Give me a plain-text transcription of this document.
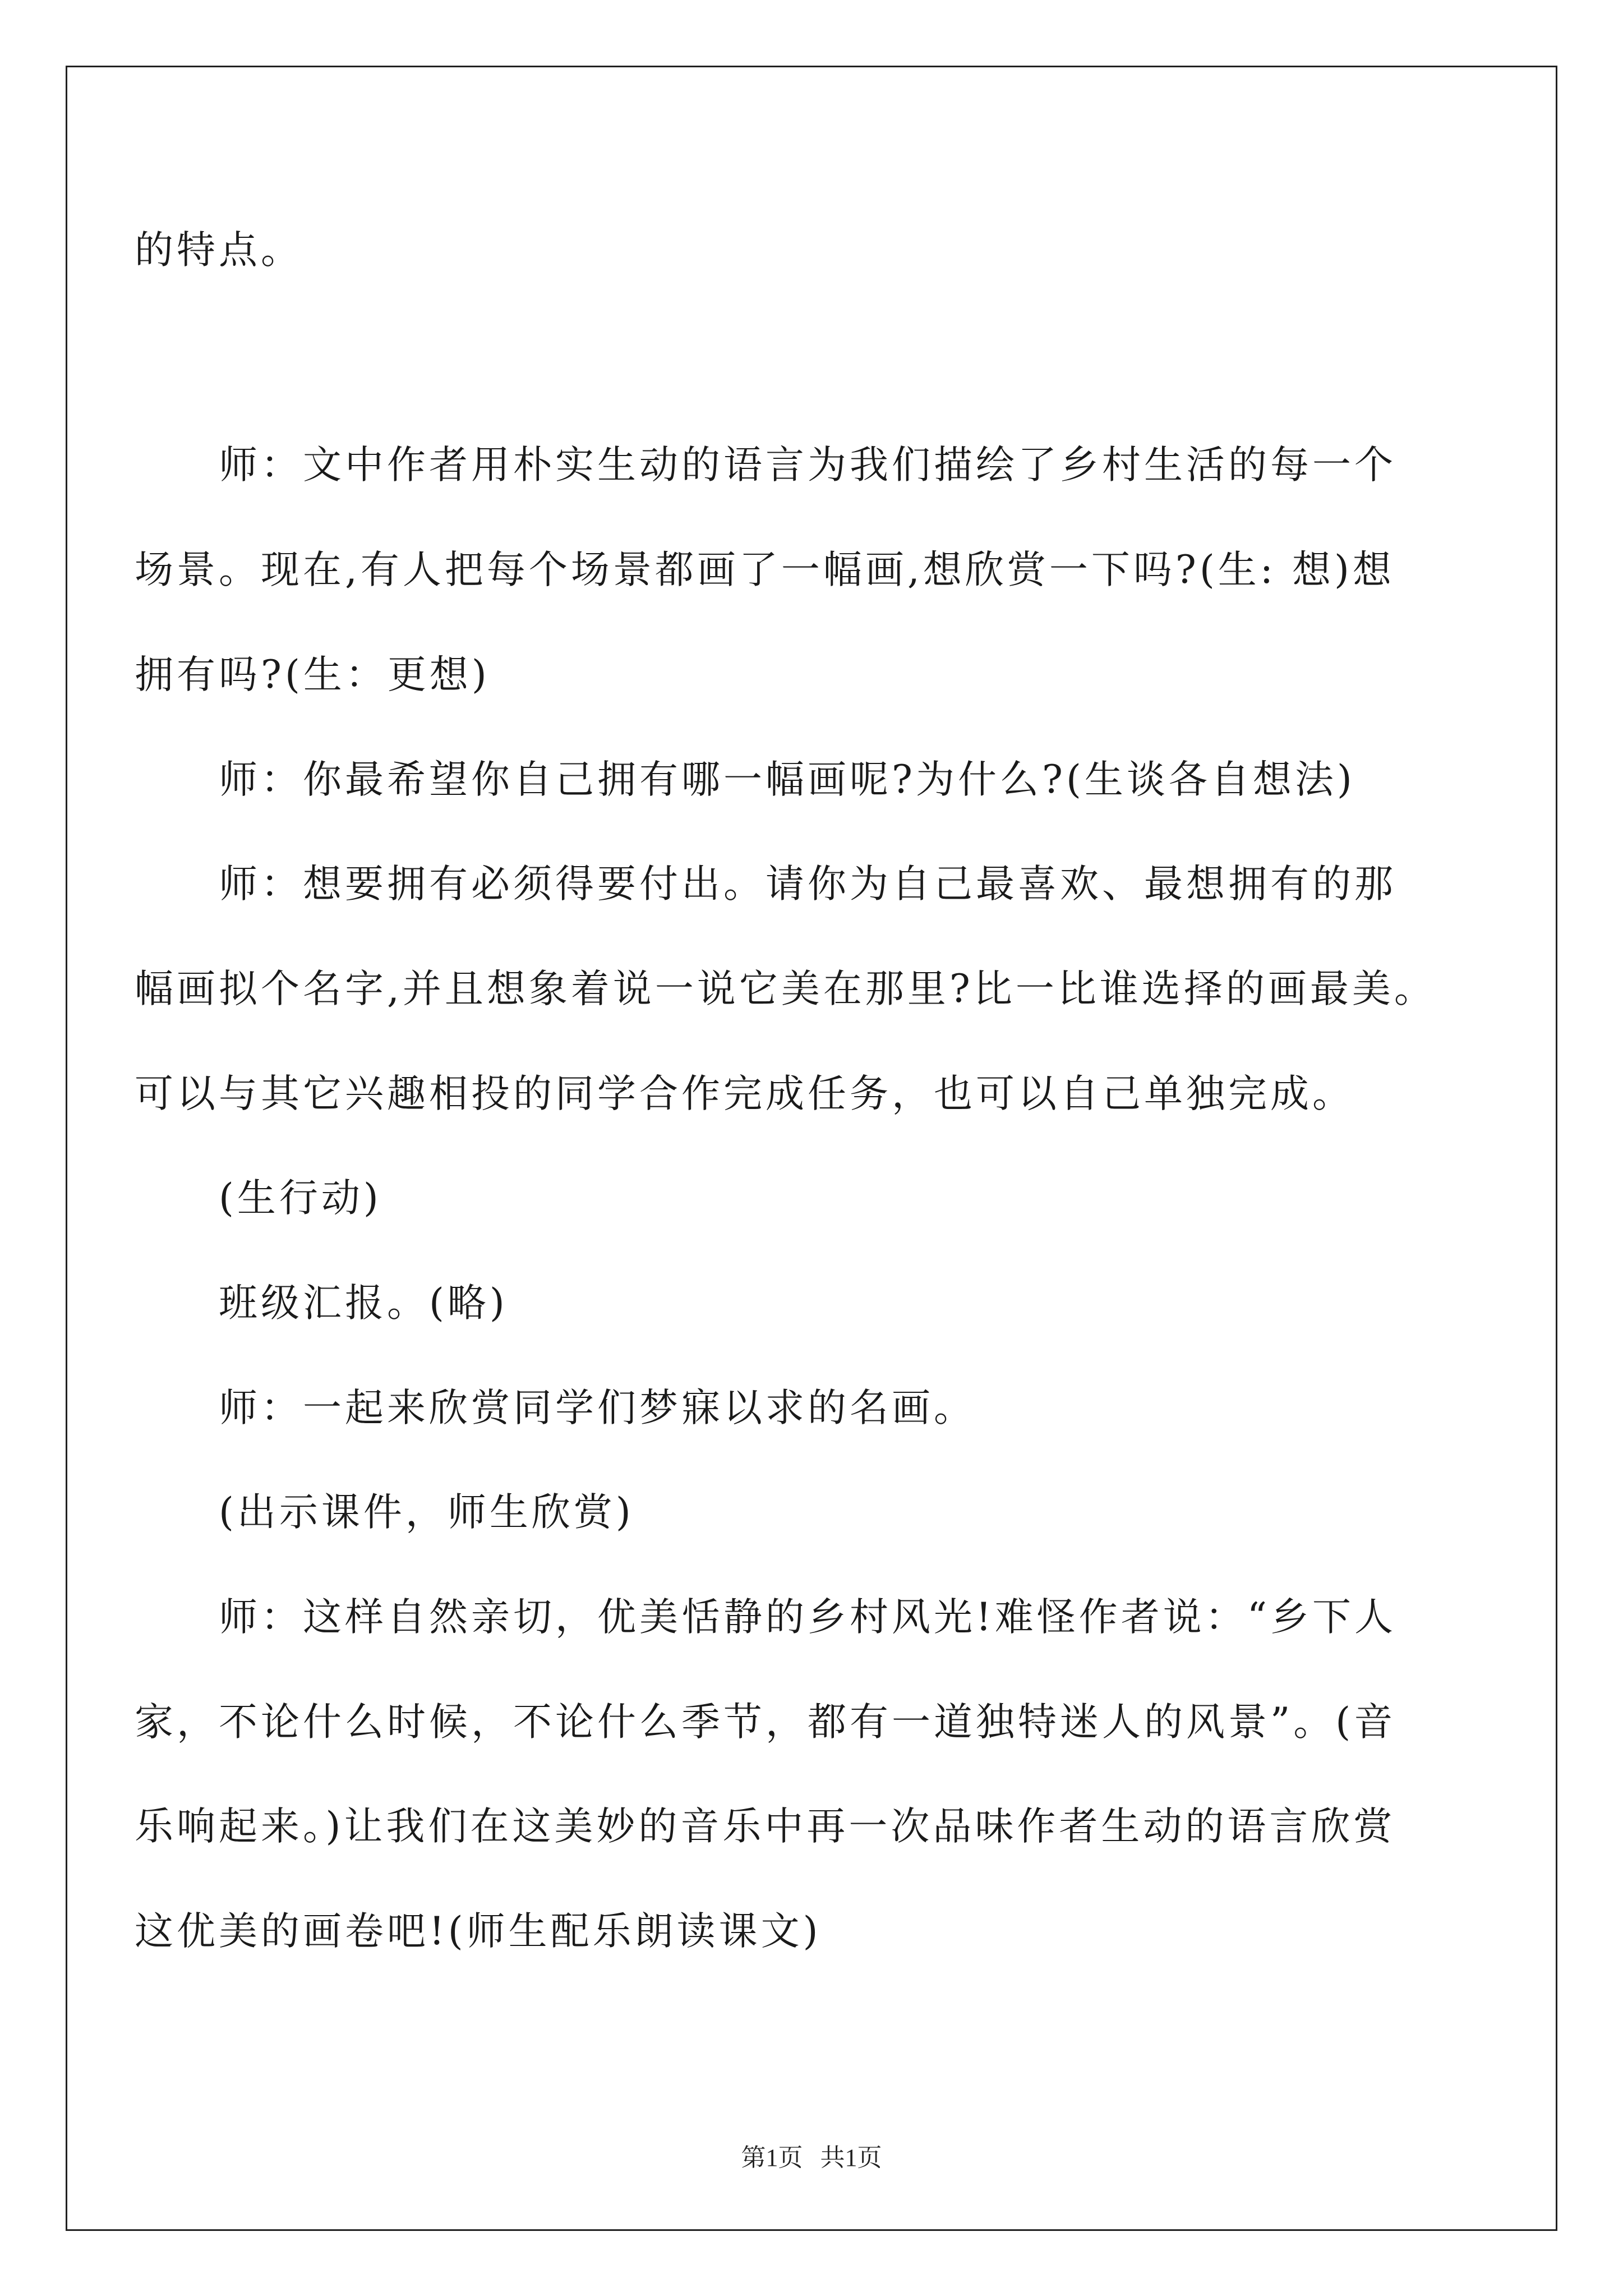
的特点。
师：文中作者用朴实生动的语言为我们描绘了乡村生活的每一个
场景。现在,有人把每个场景都画了一幅画,想欣赏一下吗?(生: 想)想
拥有吗?(生：更想)
师：你最希望你自己拥有哪一幅画呢?为什么?(生谈各自想法)
师：想要拥有必须得要付出。请你为自己最喜欢、最想拥有的那
幅画拟个名字,并且想象着说一说它美在那里?比一比谁选择的画最美。
可以与其它兴趣相投的同学合作完成任务，也可以自己单独完成。
(生行动)
班级汇报。(略)
师：一起来欣赏同学们梦寐以求的名画。
(出示课件，师生欣赏)
师：这样自然亲切，优美恬静的乡村风光!难怪作者说：“乡下人
家，不论什么时候，不论什么季节，都有一道独特迷人的风景”。(音
乐响起来。)让我们在这美妙的音乐中再一次品味作者生动的语言欣赏
这优美的画卷吧!(师生配乐朗读课文)
第1页 共1页
